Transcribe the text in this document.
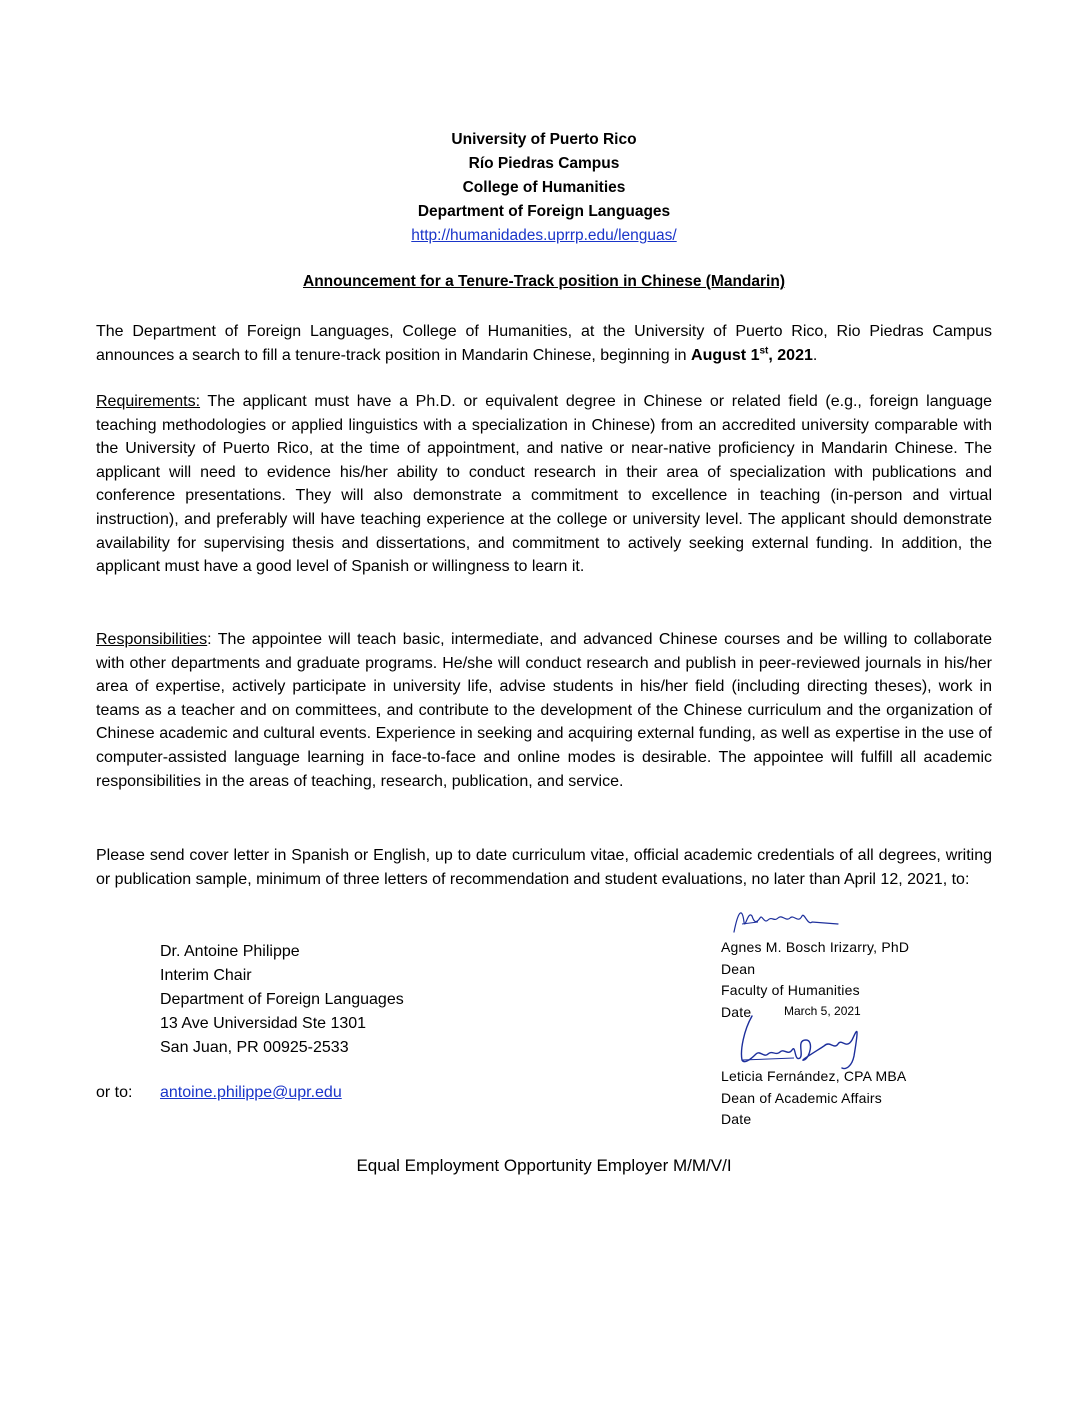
University of Puerto Rico
Río Piedras Campus
College of Humanities
Department of Foreign Languages
http://humanidades.uprrp.edu/lenguas/
Announcement for a Tenure-Track position in Chinese (Mandarin)
The Department of Foreign Languages, College of Humanities, at the University of Puerto Rico, Rio Piedras Campus announces a search to fill a tenure-track position in Mandarin Chinese, beginning in August 1st, 2021.
Requirements: The applicant must have a Ph.D. or equivalent degree in Chinese or related field (e.g., foreign language teaching methodologies or applied linguistics with a specialization in Chinese) from an accredited university comparable with the University of Puerto Rico, at the time of appointment, and native or near-native proficiency in Mandarin Chinese. The applicant will need to evidence his/her ability to conduct research in their area of specialization with publications and conference presentations. They will also demonstrate a commitment to excellence in teaching (in-person and virtual instruction), and preferably will have teaching experience at the college or university level. The applicant should demonstrate availability for supervising thesis and dissertations, and commitment to actively seeking external funding. In addition, the applicant must have a good level of Spanish or willingness to learn it.
Responsibilities: The appointee will teach basic, intermediate, and advanced Chinese courses and be willing to collaborate with other departments and graduate programs. He/she will conduct research and publish in peer-reviewed journals in his/her area of expertise, actively participate in university life, advise students in his/her field (including directing theses), work in teams as a teacher and on committees, and contribute to the development of the Chinese curriculum and the organization of Chinese academic and cultural events. Experience in seeking and acquiring external funding, as well as expertise in the use of computer-assisted language learning in face-to-face and online modes is desirable. The appointee will fulfill all academic responsibilities in the areas of teaching, research, publication, and service.
Please send cover letter in Spanish or English, up to date curriculum vitae, official academic credentials of all degrees, writing or publication sample, minimum of three letters of recommendation and student evaluations, no later than April 12, 2021, to:
Dr. Antoine Philippe
Interim Chair
Department of Foreign Languages
13 Ave Universidad Ste 1301
San Juan, PR 00925-2533
or to: antoine.philippe@upr.edu
Agnes M. Bosch Irizarry, PhD
Dean
Faculty of Humanities
Date	March 5, 2021
Leticia Fernández, CPA MBA
Dean of Academic Affairs
Date
Equal Employment Opportunity Employer M/M/V/I
